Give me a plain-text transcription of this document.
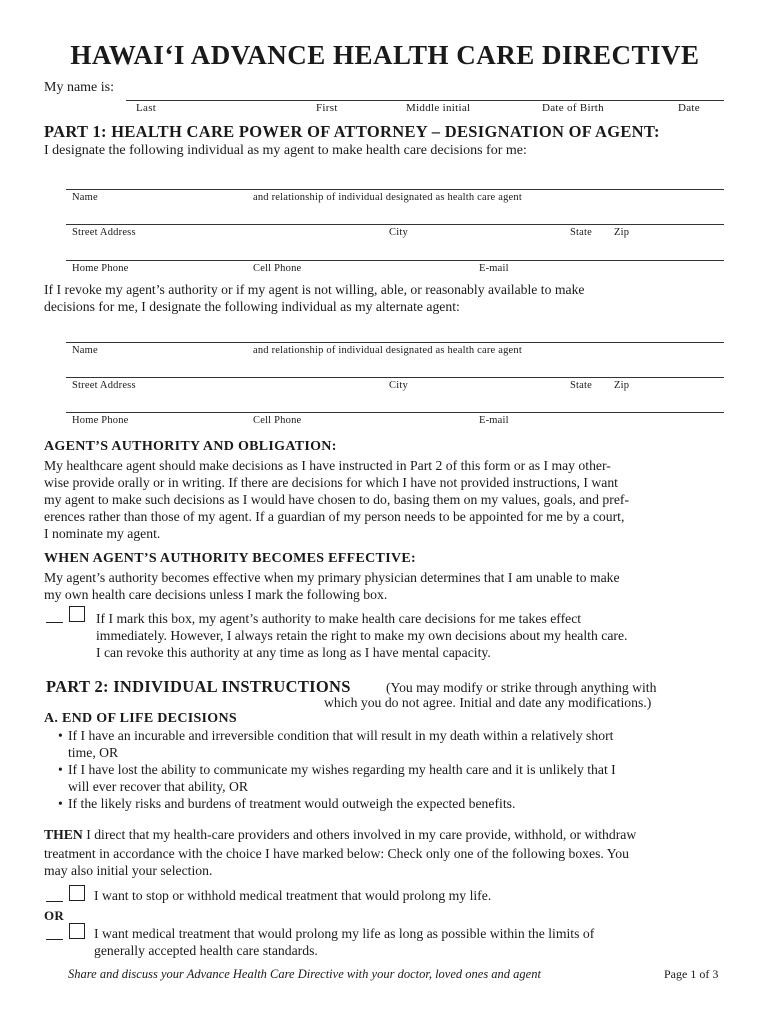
HAWAI‘I ADVANCE HEALTH CARE DIRECTIVE
My name is:
Last	First	Middle initial	Date of Birth	Date
PART 1: HEALTH CARE POWER OF ATTORNEY – DESIGNATION OF AGENT:
I designate the following individual as my agent to make health care decisions for me:
Name	and relationship of individual designated as health care agent
Street Address	City	State Zip
Home Phone	Cell Phone	E-mail
If I revoke my agent’s authority or if my agent is not willing, able, or reasonably available to make
decisions for me, I designate the following individual as my alternate agent:
Name	and relationship of individual designated as health care agent
Street Address	City	State Zip
Home Phone	Cell Phone	E-mail
AGENT’S AUTHORITY AND OBLIGATION:
My healthcare agent should make decisions as I have instructed in Part 2 of this form or as I may other-
wise provide orally or in writing. If there are decisions for which I have not provided instructions, I want
my agent to make such decisions as I would have chosen to do, basing them on my values, goals, and pref-
erences rather than those of my agent. If a guardian of my person needs to be appointed for me by a court,
I nominate my agent.
WHEN AGENT’S AUTHORITY BECOMES EFFECTIVE:
My agent’s authority becomes effective when my primary physician determines that I am unable to make
my own health care decisions unless I mark the following box.
If I mark this box, my agent’s authority to make health care decisions for me takes effect
immediately. However, I always retain the right to make my own decisions about my health care.
I can revoke this authority at any time as long as I have mental capacity.
PART 2: INDIVIDUAL INSTRUCTIONS	(You may modify or strike through anything with
which you do not agree. Initial and date any modifications.)
A. END OF LIFE DECISIONS
• If I have an incurable and irreversible condition that will result in my death within a relatively short
time, OR
• If I have lost the ability to communicate my wishes regarding my health care and it is unlikely that I
will ever recover that ability, OR
• If the likely risks and burdens of treatment would outweigh the expected benefits.
THEN I direct that my health-care providers and others involved in my care provide, withhold, or withdraw
treatment in accordance with the choice I have marked below: Check only one of the following boxes. You
may also initial your selection.
I want to stop or withhold medical treatment that would prolong my life.
OR
I want medical treatment that would prolong my life as long as possible within the limits of
generally accepted health care standards.
Share and discuss your Advance Health Care Directive with your doctor, loved ones and agent	Page 1 of 3
